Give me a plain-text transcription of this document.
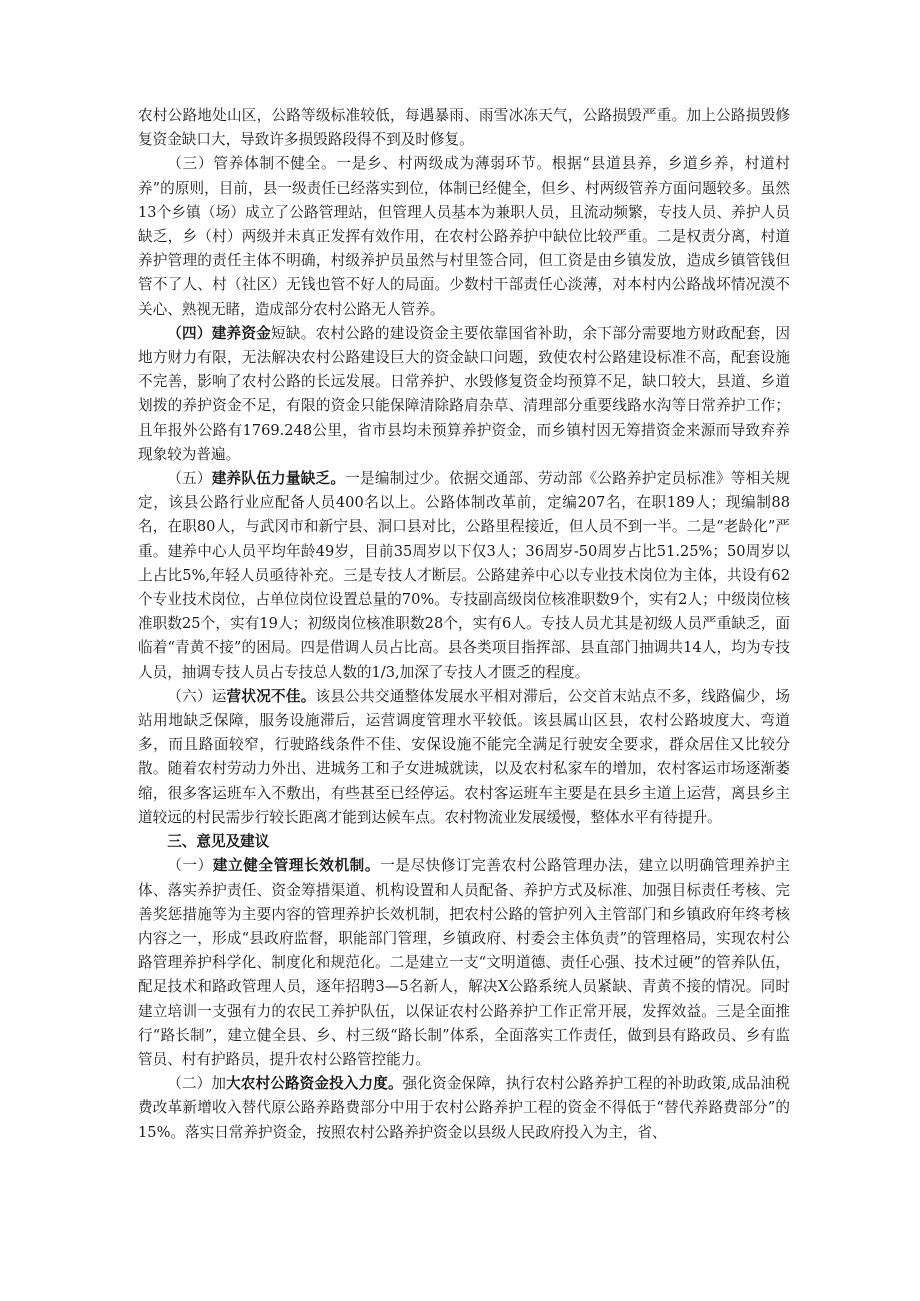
农村公路地处山区，公路等级标准较低，每遇暴雨、雨雪冰冻天气，公路损毁严重。加上公路损毁修复资金缺口大，导致许多损毁路段得不到及时修复。

（三）管养体制不健全。一是乡、村两级成为薄弱环节。根据“县道县养，乡道乡养，村道村养”的原则，目前，县一级责任已经落实到位，体制已经健全，但乡、村两级管养方面问题较多。虽然13个乡镇（场）成立了公路管理站，但管理人员基本为兼职人员，且流动频繁，专技人员、养护人员缺乏，乡（村）两级并未真正发挥有效作用，在农村公路养护中缺位比较严重。二是权责分离，村道养护管理的责任主体不明确，村级养护员虽然与村里签合同，但工资是由乡镇发放，造成乡镇管钱但管不了人、村（社区）无钱也管不好人的局面。少数村干部责任心淡薄，对本村内公路战坏情况漠不关心、熟视无睹，造成部分农村公路无人管养。

（四）建养资金短缺。农村公路的建设资金主要依靠国省补助，余下部分需要地方财政配套，因地方财力有限，无法解决农村公路建设巨大的资金缺口问题，致使农村公路建设标准不高，配套设施不完善，影响了农村公路的长远发展。日常养护、水毁修复资金均预算不足，缺口较大，县道、乡道划拨的养护资金不足，有限的资金只能保障清除路肩杂草、清理部分重要线路水沟等日常养护工作；且年报外公路有1769.248公里，省市县均未预算养护资金，而乡镇村因无筹措资金来源而导致弃养现象较为普遍。

（五）建养队伍力量缺乏。一是编制过少。依据交通部、劳动部《公路养护定员标准》等相关规定，该县公路行业应配备人员400名以上。公路体制改革前，定编207名，在职189人；现编制88名，在职80人，与武冈市和新宁县、洞口县对比，公路里程接近，但人员不到一半。二是“老龄化”严重。建养中心人员平均年龄49岁，目前35周岁以下仅3人；36周岁-50周岁占比51.25%；50周岁以上占比5%,年轻人员亟待补充。三是专技人才断层。公路建养中心以专业技术岗位为主体，共设有62个专业技术岗位，占单位岗位设置总量的70%。专技副高级岗位核准职数9个，实有2人；中级岗位核准职数25个，实有19人；初级岗位核准职数28个，实有6人。专技人员尤其是初级人员严重缺乏，面临着“青黄不接”的困局。四是借调人员占比高。县各类项目指挥部、县直部门抽调共14人，均为专技人员，抽调专技人员占专技总人数的1/3,加深了专技人才匮乏的程度。

（六）运营状况不佳。该县公共交通整体发展水平相对滞后，公交首末站点不多，线路偏少，场站用地缺乏保障，服务设施滞后，运营调度管理水平较低。该县属山区县，农村公路坡度大、弯道多，而且路面较窄，行驶路线条件不佳、安保设施不能完全满足行驶安全要求，群众居住又比较分散。随着农村劳动力外出、进城务工和子女进城就读，以及农村私家车的增加，农村客运市场逐渐萎缩，很多客运班车入不敷出，有些甚至已经停运。农村客运班车主要是在县乡主道上运营，离县乡主道较远的村民需步行较长距离才能到达候车点。农村物流业发展缓慢，整体水平有待提升。

三、意见及建议

（一）建立健全管理长效机制。一是尽快修订完善农村公路管理办法，建立以明确管理养护主体、落实养护责任、资金筹措渠道、机构设置和人员配备、养护方式及标准、加强目标责任考核、完善奖惩措施等为主要内容的管理养护长效机制，把农村公路的管护列入主管部门和乡镇政府年终考核内容之一，形成“县政府监督，职能部门管理，乡镇政府、村委会主体负责”的管理格局，实现农村公路管理养护科学化、制度化和规范化。二是建立一支“文明道德、责任心强、技术过硬”的管养队伍，配足技术和路政管理人员，逐年招聘3—5名新人，解决X公路系统人员紧缺、青黄不接的情况。同时建立培训一支强有力的农民工养护队伍，以保证农村公路养护工作正常开展，发挥效益。三是全面推行“路长制”，建立健全县、乡、村三级“路长制”体系，全面落实工作责任，做到县有路政员、乡有监管员、村有护路员，提升农村公路管控能力。

（二）加大农村公路资金投入力度。强化资金保障，执行农村公路养护工程的补助政策,成品油税费改革新增收入替代原公路养路费部分中用于农村公路养护工程的资金不得低于“替代养路费部分”的15%。落实日常养护资金，按照农村公路养护资金以县级人民政府投入为主，省、
